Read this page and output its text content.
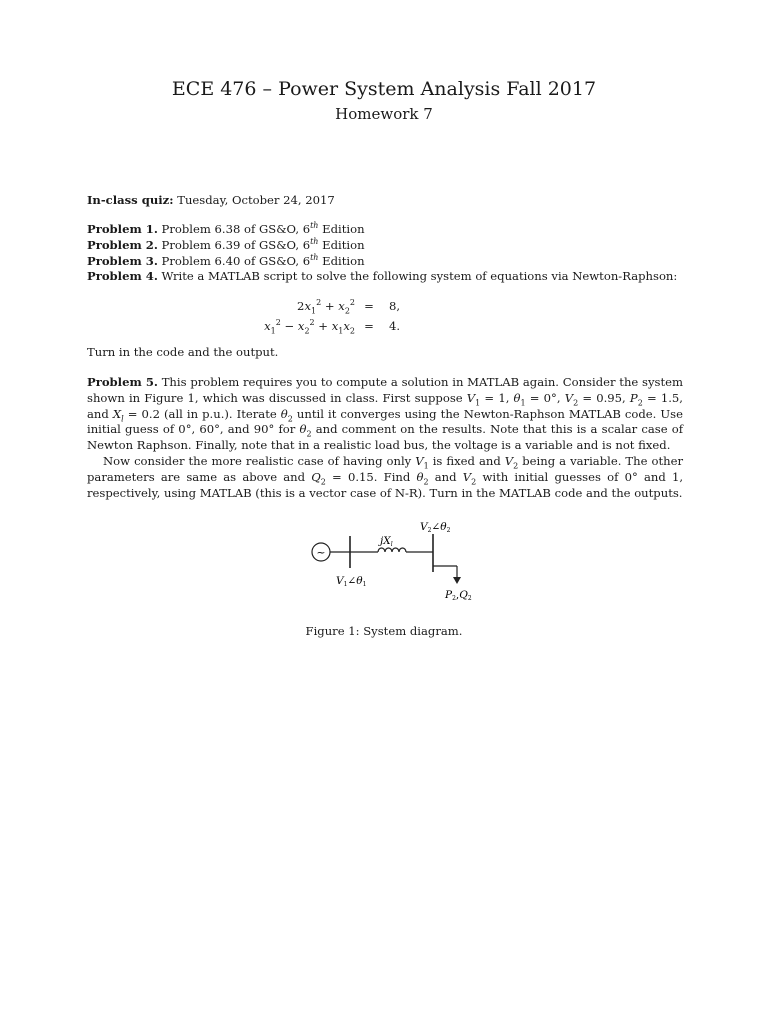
ECE 476 – Power System Analysis Fall 2017
Homework 7
In-class quiz: Tuesday, October 24, 2017
Problem 1. Problem 6.38 of GS&O, 6th Edition
Problem 2. Problem 6.39 of GS&O, 6th Edition
Problem 3. Problem 6.40 of GS&O, 6th Edition
Problem 4. Write a MATLAB script to solve the following system of equations via Newton-Raphson:
$2x_1^2 + x_2^2$ =	8,
$x_1^2 - x_2^2 + x_1x_2$ =	4.
Turn in the code and the output.

Problem 5. This problem requires you to compute a solution in MATLAB again. Consider the system shown in Figure 1, which was discussed in class. First suppose $V_1 = 1$, $\theta_1 = 0^\circ$, $V_2 = 0.95$, $P_2 = 1.5$, and $X_l = 0.2$ (all in p.u.). Iterate $\theta_2$ until it converges using the Newton-Raphson MATLAB code. Use initial guess of 0°, 60°, and 90° for $\theta_2$ and comment on the results. Note that this is a scalar case of Newton Raphson. Finally, note that in a realistic load bus, the voltage is a variable and is not fixed.

Now consider the more realistic case of having only $V_1$ is fixed and $V_2$ being a variable. The other parameters are same as above and $Q_2 = 0.15$. Find $\theta_2$ and $V_2$ with initial guesses of 0° and 1, respectively, using MATLAB (this is a vector case of N-R). Turn in the MATLAB code and the outputs.

~
jXl
V2∠θ2
V1∠θ1
P2,Q2
Figure 1: System diagram.
